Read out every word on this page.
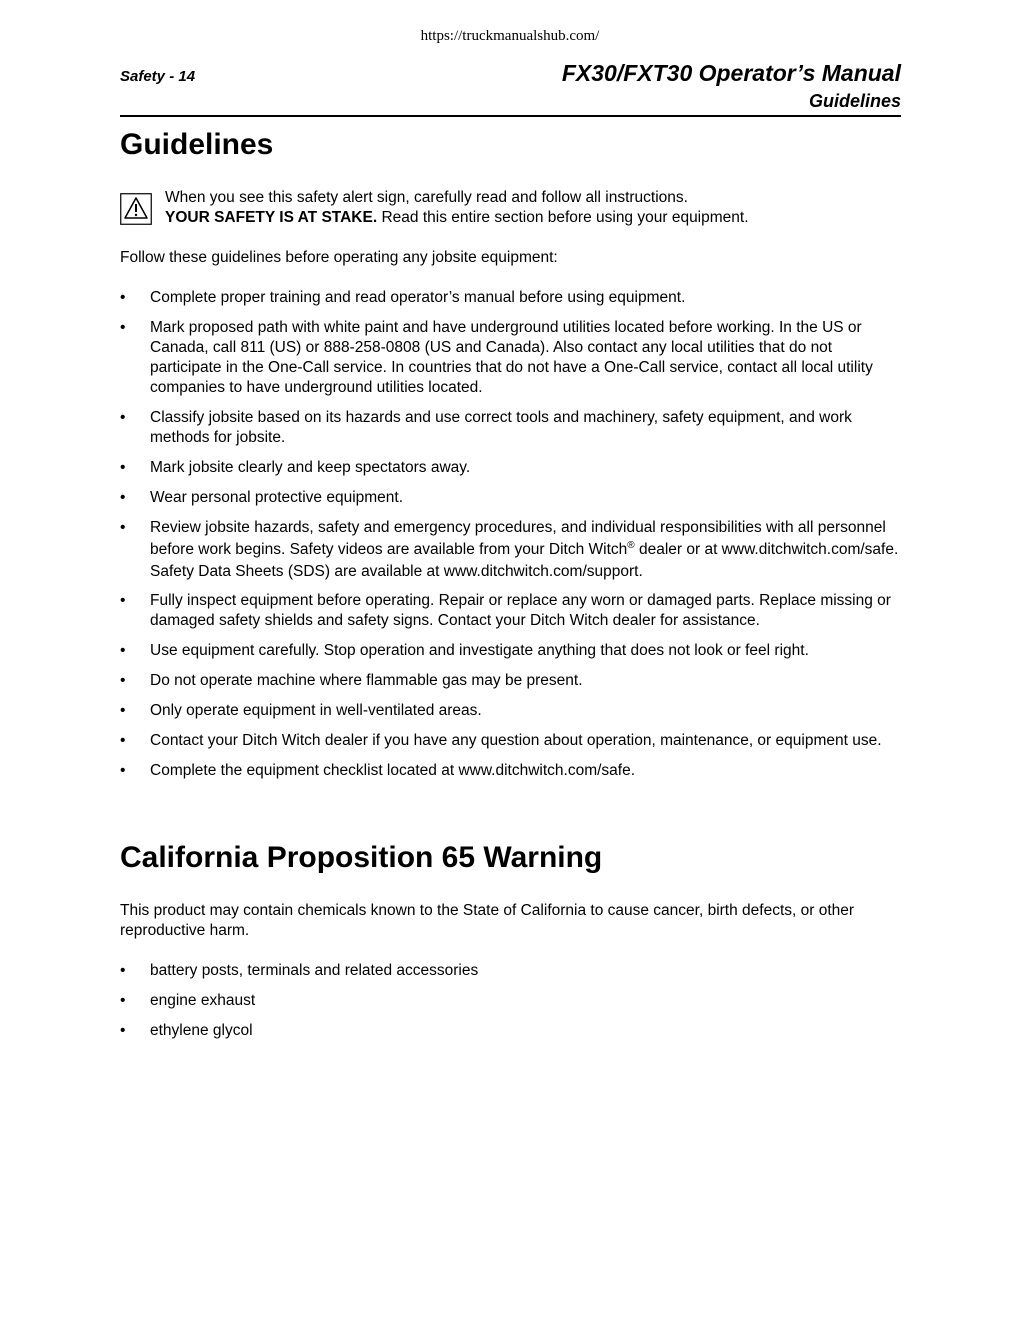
https://truckmanualshub.com/
Safety - 14	FX30/FXT30 Operator’s Manual
Guidelines
Guidelines
When you see this safety alert sign, carefully read and follow all instructions.
YOUR SAFETY IS AT STAKE. Read this entire section before using your equipment.

Follow these guidelines before operating any jobsite equipment:

• Complete proper training and read operator’s manual before using equipment.
• Mark proposed path with white paint and have underground utilities located before working. In the US or Canada, call 811 (US) or 888-258-0808 (US and Canada). Also contact any local utilities that do not participate in the One-Call service. In countries that do not have a One-Call service, contact all local utility companies to have underground utilities located.
• Classify jobsite based on its hazards and use correct tools and machinery, safety equipment, and work methods for jobsite.
• Mark jobsite clearly and keep spectators away.
• Wear personal protective equipment.
• Review jobsite hazards, safety and emergency procedures, and individual responsibilities with all personnel before work begins. Safety videos are available from your Ditch Witch® dealer or at www.ditchwitch.com/safe. Safety Data Sheets (SDS) are available at www.ditchwitch.com/support.
• Fully inspect equipment before operating. Repair or replace any worn or damaged parts. Replace missing or damaged safety shields and safety signs. Contact your Ditch Witch dealer for assistance.
• Use equipment carefully. Stop operation and investigate anything that does not look or feel right.
• Do not operate machine where flammable gas may be present.
• Only operate equipment in well-ventilated areas.
• Contact your Ditch Witch dealer if you have any question about operation, maintenance, or equipment use.
• Complete the equipment checklist located at www.ditchwitch.com/safe.
California Proposition 65 Warning

This product may contain chemicals known to the State of California to cause cancer, birth defects, or other reproductive harm.

• battery posts, terminals and related accessories
• engine exhaust
• ethylene glycol
